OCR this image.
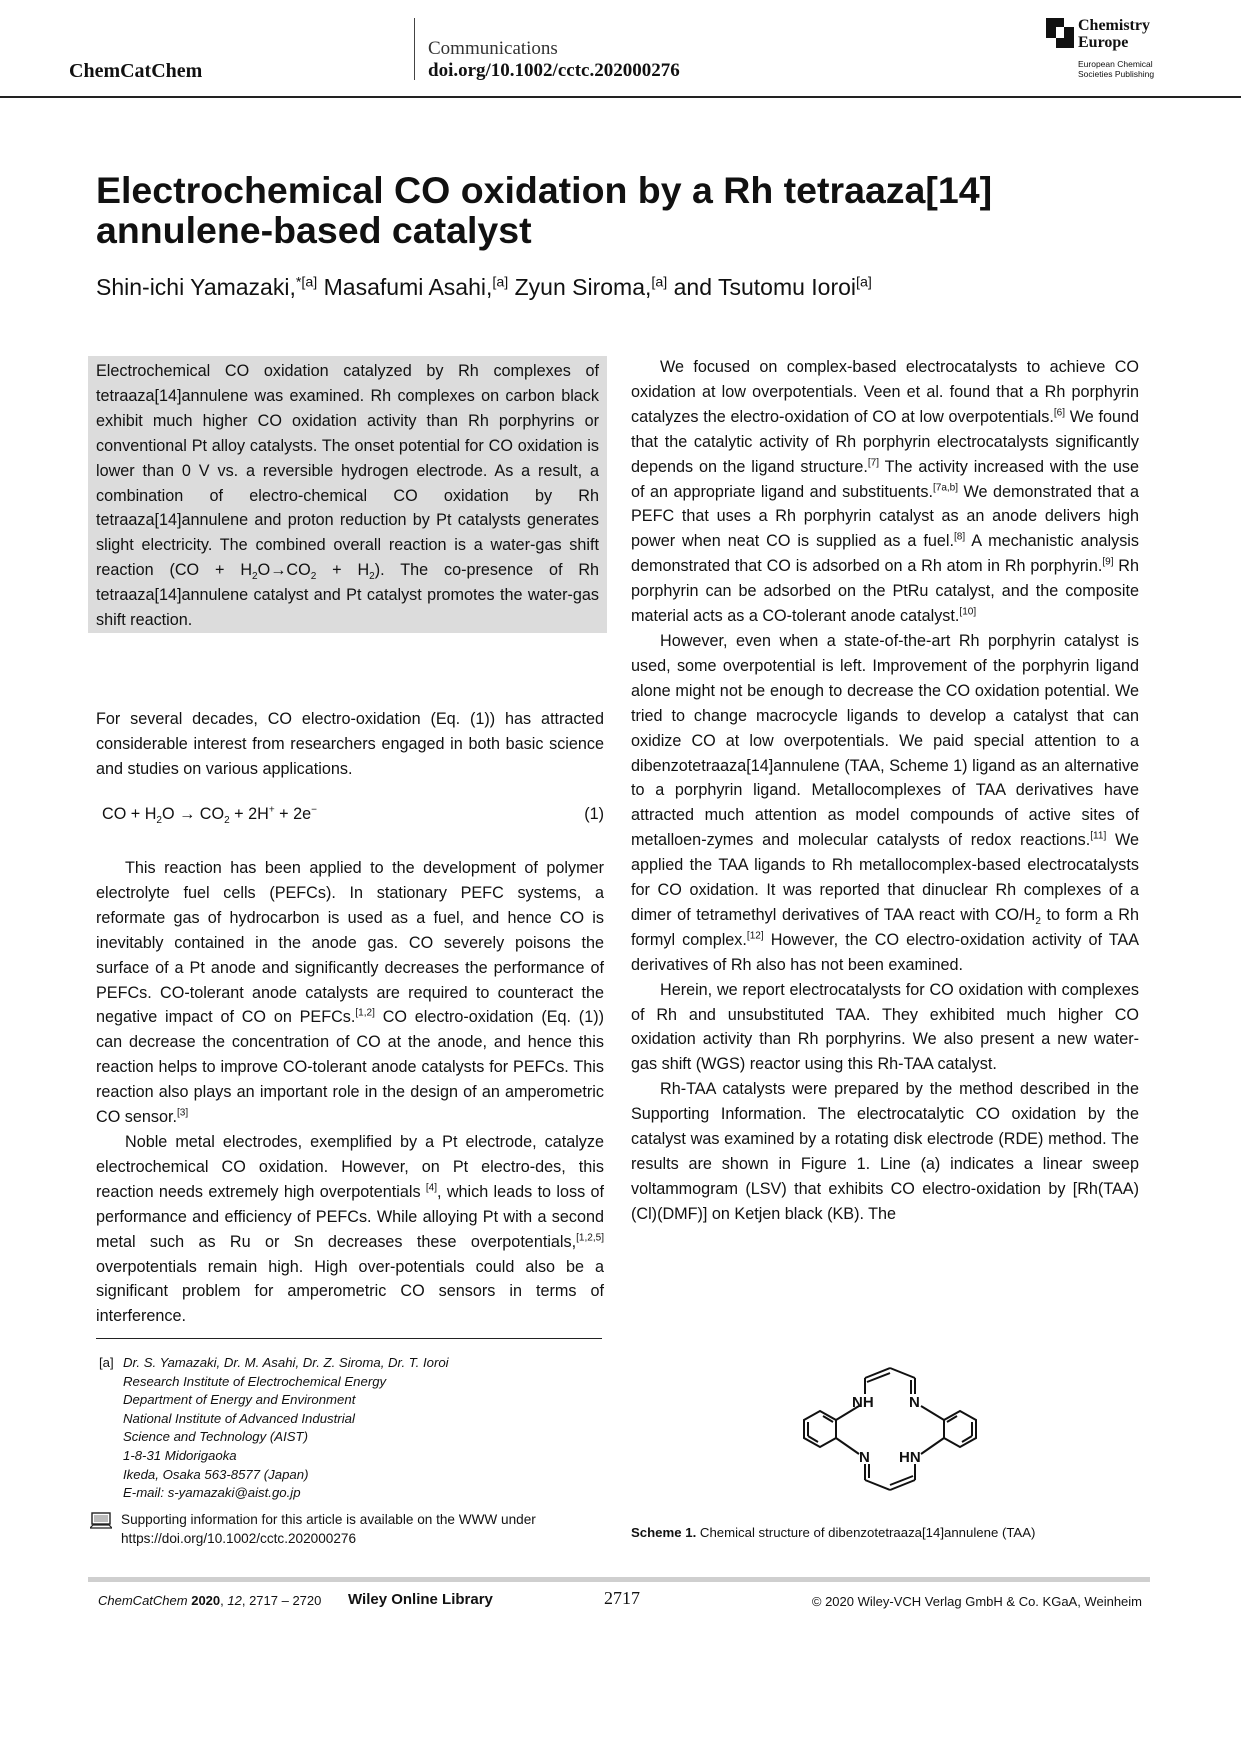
ChemCatChem
Communications
doi.org/10.1002/cctc.202000276
Chemistry
Europe
European Chemical
Societies Publishing
Electrochemical CO oxidation by a Rh tetraaza[14]
annulene-based catalyst
Shin-ichi Yamazaki,$^{*[a]}$ Masafumi Asahi,[a] Zyun Siroma,[a] and Tsutomu Ioroi[a]

Electrochemical CO oxidation catalyzed by Rh complexes of tetraaza[14]annulene was examined. Rh complexes on carbon black exhibit much higher CO oxidation activity than Rh porphyrins or conventional Pt alloy catalysts. The onset potential for CO oxidation is lower than 0 V vs. a reversible hydrogen electrode. As a result, a combination of electro-chemical CO oxidation by Rh tetraaza[14]annulene and proton reduction by Pt catalysts generates slight electricity. The combined overall reaction is a water-gas shift reaction $(CO + H_2O\to CO_2 + H_2)$. The co-presence of Rh tetraaza[14]annulene catalyst and Pt catalyst promotes the water-gas shift reaction.

For several decades, CO electro-oxidation (Eq. (1)) has attracted considerable interest from researchers engaged in both basic science and studies on various applications.

CO + $H_2O \to CO_2 + 2H^+ + 2e^-$	(1)

This reaction has been applied to the development of polymer electrolyte fuel cells (PEFCs). In stationary PEFC systems, a reformate gas of hydrocarbon is used as a fuel, and hence CO is inevitably contained in the anode gas. CO severely poisons the surface of a Pt anode and significantly decreases the performance of PEFCs. CO-tolerant anode catalysts are required to counteract the negative impact of CO on PEFCs.[1,2] CO electro-oxidation (Eq. (1)) can decrease the concentration of CO at the anode, and hence this reaction helps to improve CO-tolerant anode catalysts for PEFCs. This reaction also plays an important role in the design of an amperometric CO sensor.[3]

Noble metal electrodes, exemplified by a Pt electrode, catalyze electrochemical CO oxidation. However, on Pt electro-des, this reaction needs extremely high overpotentials [4], which leads to loss of performance and efficiency of PEFCs. While alloying Pt with a second metal such as Ru or Sn decreases these overpotentials,[1,2,5] overpotentials remain high. High over-potentials could also be a significant problem for amperometric CO sensors in terms of interference.

We focused on complex-based electrocatalysts to achieve CO oxidation at low overpotentials. Veen et al. found that a Rh porphyrin catalyzes the electro-oxidation of CO at low overpotentials.[6] We found that the catalytic activity of Rh porphyrin electrocatalysts significantly depends on the ligand structure.[7] The activity increased with the use of an appropriate ligand and substituents.[7a,b] We demonstrated that a PEFC that uses a Rh porphyrin catalyst as an anode delivers high power when neat CO is supplied as a fuel.[8] A mechanistic analysis demonstrated that CO is adsorbed on a Rh atom in Rh porphyrin.[9] Rh porphyrin can be adsorbed on the PtRu catalyst, and the composite material acts as a CO-tolerant anode catalyst.[10]

However, even when a state-of-the-art Rh porphyrin catalyst is used, some overpotential is left. Improvement of the porphyrin ligand alone might not be enough to decrease the CO oxidation potential. We tried to change macrocycle ligands to develop a catalyst that can oxidize CO at low overpotentials. We paid special attention to a dibenzotetraaza[14]annulene (TAA, Scheme 1) ligand as an alternative to a porphyrin ligand. Metallocomplexes of TAA derivatives have attracted much attention as model compounds of active sites of metalloen-zymes and molecular catalysts of redox reactions.[11] We applied the TAA ligands to Rh metallocomplex-based electrocatalysts for CO oxidation. It was reported that dinuclear Rh complexes of a dimer of tetramethyl derivatives of TAA react with $CO/H_2$ to form a Rh formyl complex.[12] However, the CO electro-oxidation activity of TAA derivatives of Rh also has not been examined.

Herein, we report electrocatalysts for CO oxidation with complexes of Rh and unsubstituted TAA. They exhibited much higher CO oxidation activity than Rh porphyrins. We also present a new water-gas shift (WGS) reactor using this Rh-TAA catalyst.

Rh-TAA catalysts were prepared by the method described in the Supporting Information. The electrocatalytic CO oxidation by the catalyst was examined by a rotating disk electrode (RDE) method. The results are shown in Figure 1. Line (a) indicates a linear sweep voltammogram (LSV) that exhibits CO electro-oxidation by [Rh(TAA)(Cl)(DMF)] on Ketjen black (KB). The

[a] Dr. S. Yamazaki, Dr. M. Asahi, Dr. Z. Siroma, Dr. T. Ioroi
Research Institute of Electrochemical Energy
Department of Energy and Environment
National Institute of Advanced Industrial
Science and Technology (AIST)
1-8-31 Midorigaoka
Ikeda, Osaka 563-8577 (Japan)
E-mail: s-yamazaki@aist.go.jp
Supporting information for this article is available on the WWW under
https://doi.org/10.1002/cctc.202000276
NH N
N HN
Scheme 1. Chemical structure of dibenzotetraaza[14]annulene (TAA)
ChemCatChem 2020, 12, 2717 – 2720 Wiley Online Library	2717	© 2020 Wiley-VCH Verlag GmbH & Co. KGaA, Weinheim
